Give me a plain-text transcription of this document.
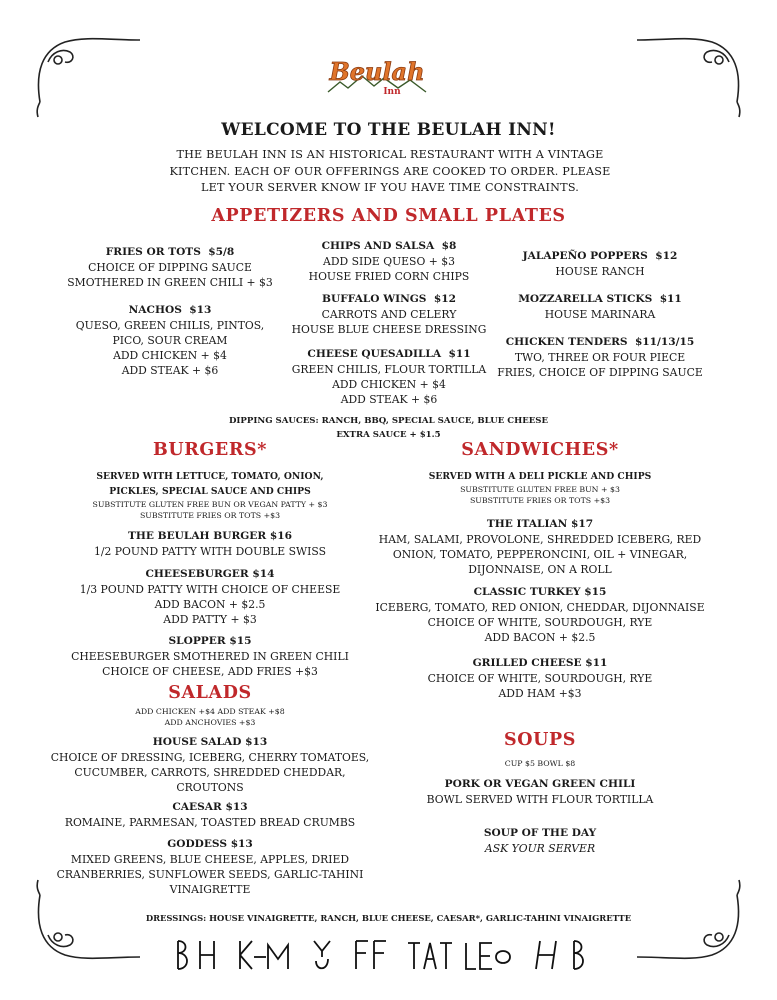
Beulah
Inn
WELCOME TO THE BEULAH INN!
THE BEULAH INN IS AN HISTORICAL RESTAURANT WITH A VINTAGE
KITCHEN. EACH OF OUR OFFERINGS ARE COOKED TO ORDER. PLEASE
LET YOUR SERVER KNOW IF YOU HAVE TIME CONSTRAINTS.
APPETIZERS AND SMALL PLATES
FRIES OR TOTS $5/8
CHOICE OF DIPPING SAUCE
SMOTHERED IN GREEN CHILI + $3
NACHOS $13
QUESO, GREEN CHILIS, PINTOS,
PICO, SOUR CREAM
ADD CHICKEN + $4
ADD STEAK + $6
CHIPS AND SALSA $8
ADD SIDE QUESO + $3
HOUSE FRIED CORN CHIPS
BUFFALO WINGS $12
CARROTS AND CELERY
HOUSE BLUE CHEESE DRESSING
CHEESE QUESADILLA $11
GREEN CHILIS, FLOUR TORTILLA
ADD CHICKEN + $4
ADD STEAK + $6
JALAPEÑO POPPERS $12
HOUSE RANCH
MOZZARELLA STICKS $11
HOUSE MARINARA
CHICKEN TENDERS $11/13/15
TWO, THREE OR FOUR PIECE
FRIES, CHOICE OF DIPPING SAUCE
DIPPING SAUCES: RANCH, BBQ, SPECIAL SAUCE, BLUE CHEESE
EXTRA SAUCE + $1.5
BURGERS*
SERVED WITH LETTUCE, TOMATO, ONION,
PICKLES, SPECIAL SAUCE AND CHIPS
SUBSTITUTE GLUTEN FREE BUN OR VEGAN PATTY + $3
SUBSTITUTE FRIES OR TOTS +$3
THE BEULAH BURGER $16
1/2 POUND PATTY WITH DOUBLE SWISS
CHEESEBURGER $14
1/3 POUND PATTY WITH CHOICE OF CHEESE
ADD BACON + $2.5
ADD PATTY + $3
SLOPPER $15
CHEESEBURGER SMOTHERED IN GREEN CHILI
CHOICE OF CHEESE, ADD FRIES +$3
SALADS
ADD CHICKEN +$4 ADD STEAK +$8
ADD ANCHOVIES +$3
HOUSE SALAD $13
CHOICE OF DRESSING, ICEBERG, CHERRY TOMATOES,
CUCUMBER, CARROTS, SHREDDED CHEDDAR,
CROUTONS
CAESAR $13
ROMAINE, PARMESAN, TOASTED BREAD CRUMBS
GODDESS $13
MIXED GREENS, BLUE CHEESE, APPLES, DRIED
CRANBERRIES, SUNFLOWER SEEDS, GARLIC-TAHINI
VINAIGRETTE
SANDWICHES*
SERVED WITH A DELI PICKLE AND CHIPS
SUBSTITUTE GLUTEN FREE BUN + $3
SUBSTITUTE FRIES OR TOTS +$3
THE ITALIAN $17
HAM, SALAMI, PROVOLONE, SHREDDED ICEBERG, RED
ONION, TOMATO, PEPPERONCINI, OIL + VINEGAR,
DIJONNAISE, ON A ROLL
CLASSIC TURKEY $15
ICEBERG, TOMATO, RED ONION, CHEDDAR, DIJONNAISE
CHOICE OF WHITE, SOURDOUGH, RYE
ADD BACON + $2.5
GRILLED CHEESE $11
CHOICE OF WHITE, SOURDOUGH, RYE
ADD HAM +$3
SOUPS
CUP $5 BOWL $8
PORK OR VEGAN GREEN CHILI
BOWL SERVED WITH FLOUR TORTILLA
SOUP OF THE DAY
ASK YOUR SERVER
DRESSINGS: HOUSE VINAIGRETTE, RANCH, BLUE CHEESE, CAESAR*, GARLIC-TAHINI VINAIGRETTE
